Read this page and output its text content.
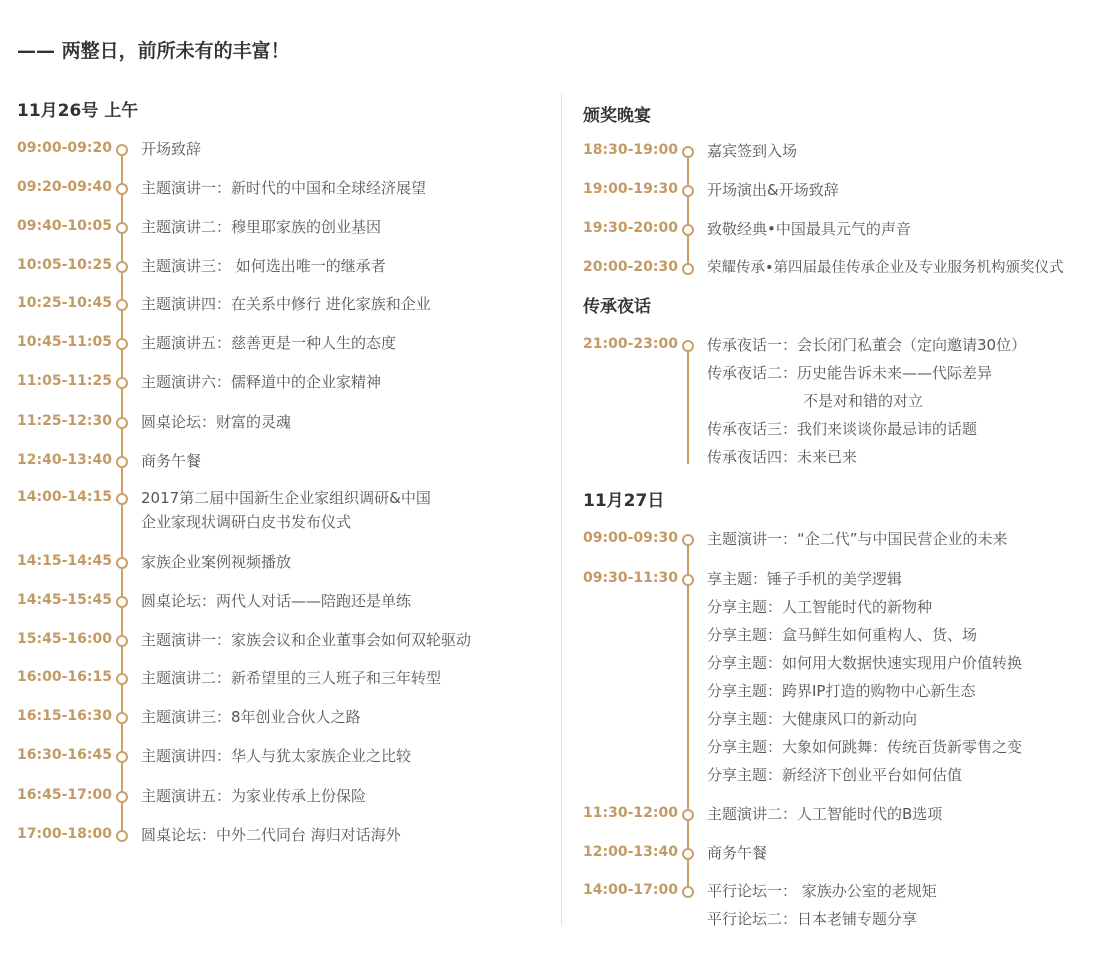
—— 两整日，前所未有的丰富！
11月26号 上午
09:00-09:20 开场致辞
09:20-09:40 主题演讲一：新时代的中国和全球经济展望
09:40-10:05 主题演讲二：穆里耶家族的创业基因
10:05-10:25 主题演讲三： 如何选出唯一的继承者
10:25-10:45 主题演讲四：在关系中修行 进化家族和企业
10:45-11:05 主题演讲五：慈善更是一种人生的态度
11:05-11:25 主题演讲六：儒释道中的企业家精神
11:25-12:30 圆桌论坛：财富的灵魂
12:40-13:40 商务午餐
14:00-14:15 2017第二届中国新生企业家组织调研&中国
企业家现状调研白皮书发布仪式
14:15-14:45 家族企业案例视频播放
14:45-15:45 圆桌论坛：两代人对话——陪跑还是单练
15:45-16:00 主题演讲一：家族会议和企业董事会如何双轮驱动
16:00-16:15 主题演讲二：新希望里的三人班子和三年转型
16:15-16:30 主题演讲三：8年创业合伙人之路
16:30-16:45 主题演讲四：华人与犹太家族企业之比较
16:45-17:00 主题演讲五：为家业传承上份保险
17:00-18:00 圆桌论坛：中外二代同台 海归对话海外
颁奖晚宴
18:30-19:00 嘉宾签到入场
19:00-19:30 开场演出&开场致辞
19:30-20:00 致敬经典•中国最具元气的声音
20:00-20:30 荣耀传承•第四届最佳传承企业及专业服务机构颁奖仪式
传承夜话
21:00-23:00 传承夜话一：会长闭门私董会（定向邀请30位）
传承夜话二：历史能告诉未来——代际差异
不是对和错的对立
传承夜话三：我们来谈谈你最忌讳的话题
传承夜话四：未来已来
11月27日
09:00-09:30 主题演讲一：“企二代”与中国民营企业的未来
09:30-11:30 享主题：锤子手机的美学逻辑
分享主题：人工智能时代的新物种
分享主题：盒马鲜生如何重构人、货、场
分享主题：如何用大数据快速实现用户价值转换
分享主题：跨界IP打造的购物中心新生态
分享主题：大健康风口的新动向
分享主题：大象如何跳舞：传统百货新零售之变
分享主题：新经济下创业平台如何估值
11:30-12:00 主题演讲二：人工智能时代的B选项
12:00-13:40 商务午餐
14:00-17:00 平行论坛一： 家族办公室的老规矩
平行论坛二：日本老铺专题分享
